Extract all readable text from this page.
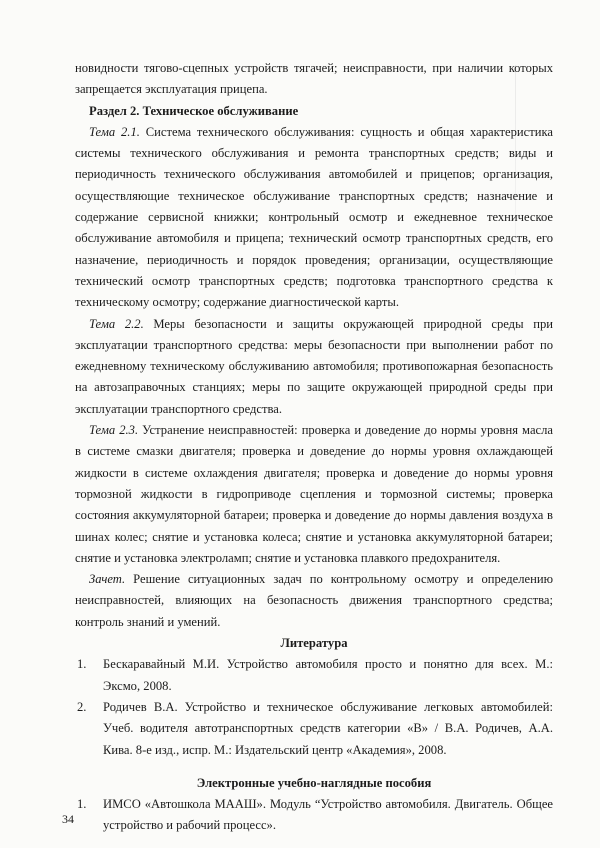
новидности тягово-сцепных устройств тягачей; неисправности, при наличии которых запрещается эксплуатация прицепа.

Раздел 2. Техническое обслуживание

Тема 2.1. Система технического обслуживания: сущность и общая характеристика системы технического обслуживания и ремонта транспортных средств; виды и периодичность технического обслуживания автомобилей и прицепов; организация, осуществляющие техническое обслуживание транспортных средств; назначение и содержание сервисной книжки; контрольный осмотр и ежедневное техническое обслуживание автомобиля и прицепа; технический осмотр транспортных средств, его назначение, периодичность и порядок проведения; организации, осуществляющие технический осмотр транспортных средств; подготовка транспортного средства к техническому осмотру; содержание диагностической карты.

Тема 2.2. Меры безопасности и защиты окружающей природной среды при эксплуатации транспортного средства: меры безопасности при выполнении работ по ежедневному техническому обслуживанию автомобиля; противопожарная безопасность на автозаправочных станциях; меры по защите окружающей природной среды при эксплуатации транспортного средства.

Тема 2.3. Устранение неисправностей: проверка и доведение до нормы уровня масла в системе смазки двигателя; проверка и доведение до нормы уровня охлаждающей жидкости в системе охлаждения двигателя; проверка и доведение до нормы уровня тормозной жидкости в гидроприводе сцепления и тормозной системы; проверка состояния аккумуляторной батареи; проверка и доведение до нормы давления воздуха в шинах колес; снятие и установка колеса; снятие и установка аккумуляторной батареи; снятие и установка электроламп; снятие и установка плавкого предохранителя.

Зачет. Решение ситуационных задач по контрольному осмотру и определению неисправностей, влияющих на безопасность движения транспортного средства; контроль знаний и умений.

Литература

1.	Бескаравайный М.И. Устройство автомобиля просто и понятно для всех. М.: Эксмо, 2008.
2.	Родичев В.А. Устройство и техническое обслуживание легковых автомобилей: Учеб. водителя автотранспортных средств категории «В» / В.А. Родичев, А.А. Кива. 8-е изд., испр. М.: Издательский центр «Академия», 2008.

Электронные учебно-наглядные пособия

1.	ИМСО «Автошкола МААШ». Модуль “Устройство автомобиля. Двигатель. Общее устройство и рабочий процесс».
34
